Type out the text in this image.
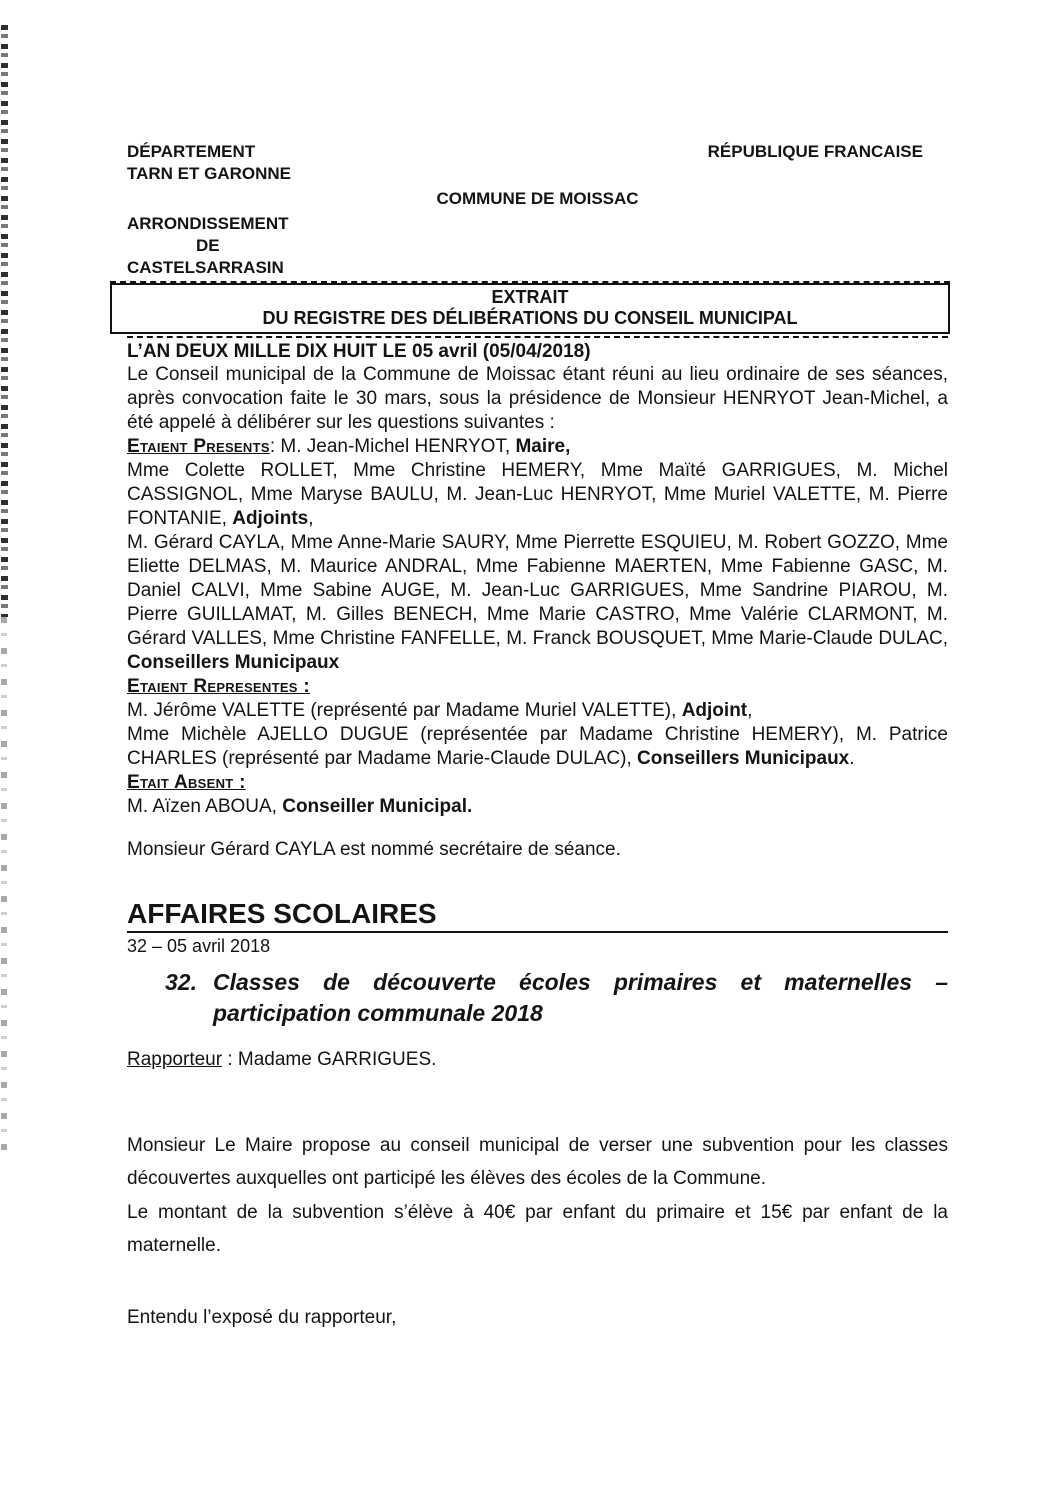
DÉPARTEMENT
TARN ET GARONNE
RÉPUBLIQUE FRANCAISE
COMMUNE DE MOISSAC
ARRONDISSEMENT
DE
CASTELSARRASIN
EXTRAIT
DU REGISTRE DES DÉLIBÉRATIONS DU CONSEIL MUNICIPAL
L’AN DEUX MILLE DIX HUIT LE 05 avril (05/04/2018)

Le Conseil municipal de la Commune de Moissac étant réuni au lieu ordinaire de ses séances, après convocation faite le 30 mars, sous la présidence de Monsieur HENRYOT Jean-Michel, a été appelé à délibérer sur les questions suivantes :

Etaient Presents: M. Jean-Michel HENRYOT, Maire,

Mme Colette ROLLET, Mme Christine HEMERY, Mme Maïté GARRIGUES, M. Michel CASSIGNOL, Mme Maryse BAULU, M. Jean-Luc HENRYOT, Mme Muriel VALETTE, M. Pierre FONTANIE, Adjoints,

M. Gérard CAYLA, Mme Anne-Marie SAURY, Mme Pierrette ESQUIEU, M. Robert GOZZO, Mme Eliette DELMAS, M. Maurice ANDRAL, Mme Fabienne MAERTEN, Mme Fabienne GASC, M. Daniel CALVI, Mme Sabine AUGE, M. Jean-Luc GARRIGUES, Mme Sandrine PIAROU, M. Pierre GUILLAMAT, M. Gilles BENECH, Mme Marie CASTRO, Mme Valérie CLARMONT, M. Gérard VALLES, Mme Christine FANFELLE, M. Franck BOUSQUET, Mme Marie-Claude DULAC, Conseillers Municipaux

Etaient Representes :
M. Jérôme VALETTE (représenté par Madame Muriel VALETTE), Adjoint,

Mme Michèle AJELLO DUGUE (représentée par Madame Christine HEMERY), M. Patrice CHARLES (représenté par Madame Marie-Claude DULAC), Conseillers Municipaux.

Etait Absent :
M. Aïzen ABOUA, Conseiller Municipal.
Monsieur Gérard CAYLA est nommé secrétaire de séance.
AFFAIRES SCOLAIRES
32 – 05 avril 2018
32. Classes de découverte écoles primaires et maternelles –
participation communale 2018
Rapporteur : Madame GARRIGUES.

Monsieur Le Maire propose au conseil municipal de verser une subvention pour les classes découvertes auxquelles ont participé les élèves des écoles de la Commune.

Le montant de la subvention s’élève à 40€ par enfant du primaire et 15€ par enfant de la maternelle.

Entendu l’exposé du rapporteur,
